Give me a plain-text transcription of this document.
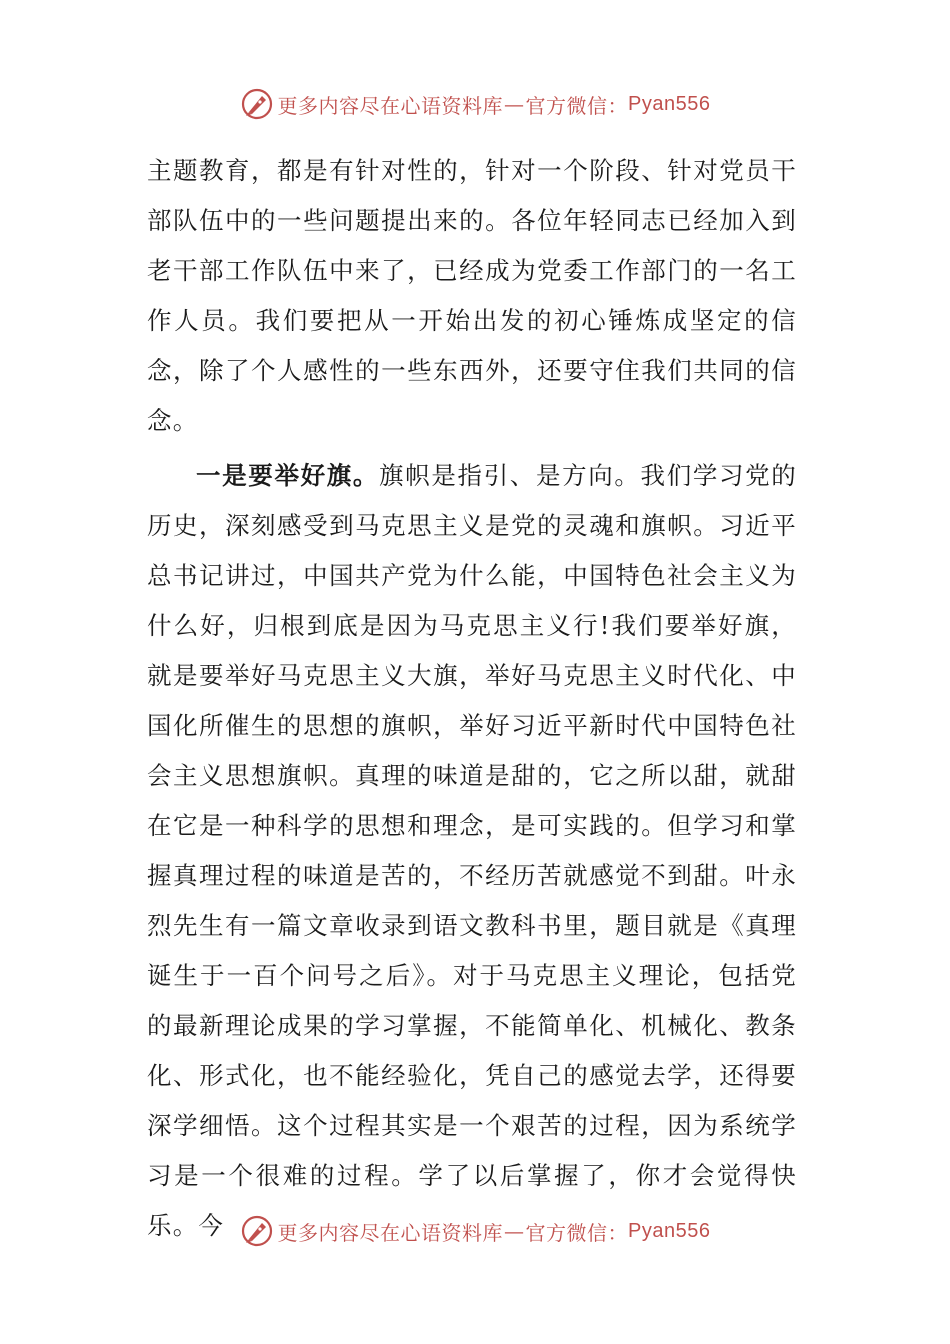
更多内容尽在心语资料库 — 官方微信： Pyan556

主题教育，都是有针对性的，针对一个阶段、针对党员干部队伍中的一些问题提出来的。各位年轻同志已经加入到老干部工作队伍中来了，已经成为党委工作部门的一名工作人员。我们要把从一开始出发的初心锤炼成坚定的信念，除了个人感性的一些东西外，还要守住我们共同的信念。

一是要举好旗。旗帜是指引、是方向。我们学习党的历史，深刻感受到马克思主义是党的灵魂和旗帜。习近平总书记讲过，中国共产党为什么能，中国特色社会主义为什么好，归根到底是因为马克思主义行!我们要举好旗，就是要举好马克思主义大旗，举好马克思主义时代化、中国化所催生的思想的旗帜，举好习近平新时代中国特色社会主义思想旗帜。真理的味道是甜的，它之所以甜，就甜在它是一种科学的思想和理念，是可实践的。但学习和掌握真理过程的味道是苦的，不经历苦就感觉不到甜。叶永烈先生有一篇文章收录到语文教科书里，题目就是《真理诞生于一百个问号之后》。对于马克思主义理论，包括党的最新理论成果的学习掌握，不能简单化、机械化、教条化、形式化，也不能经验化，凭自己的感觉去学，还得要深学细悟。这个过程其实是一个艰苦的过程，因为系统学习是一个很难的过程。学了以后掌握了，你才会觉得快乐。今	更多内容尽在心语资料库 — 官方微信： Pyan556
